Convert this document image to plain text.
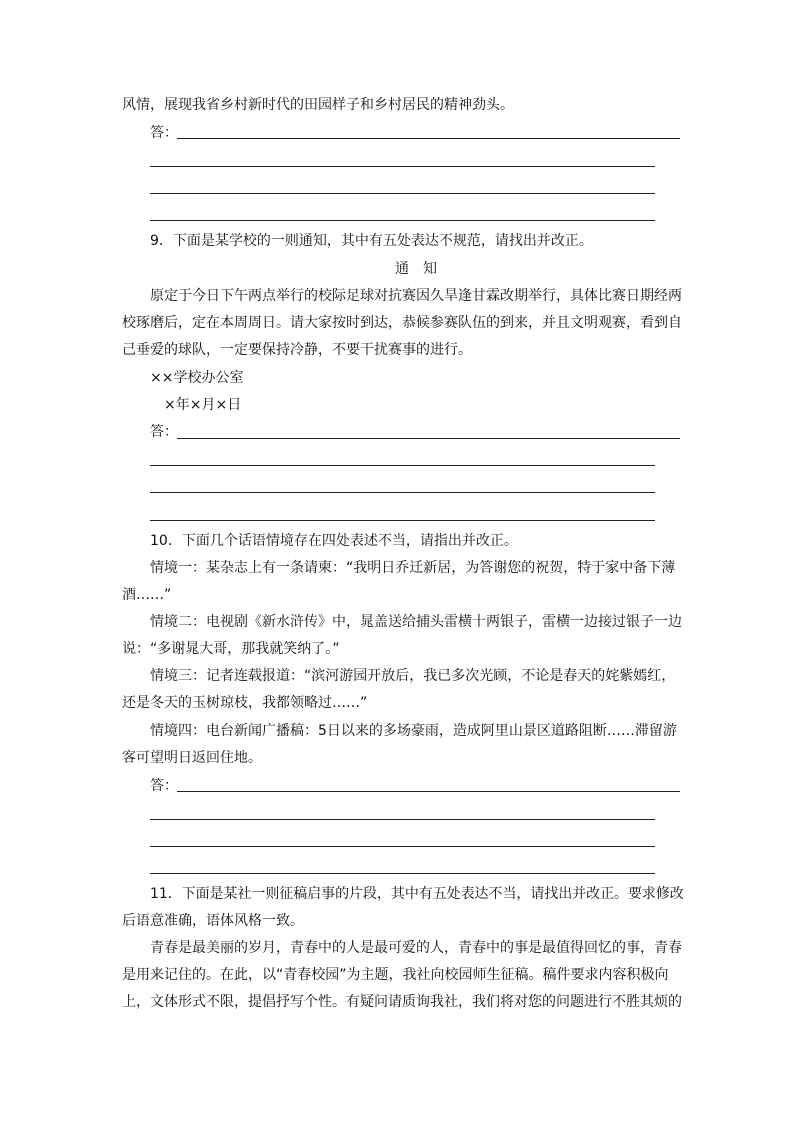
风情，展现我省乡村新时代的田园样子和乡村居民的精神劲头。
答：
9．下面是某学校的一则通知，其中有五处表达不规范，请找出并改正。
通　知
原定于今日下午两点举行的校际足球对抗赛因久旱逢甘霖改期举行，具体比赛日期经两
校琢磨后，定在本周周日。请大家按时到达，恭候参赛队伍的到来，并且文明观赛，看到自
己垂爱的球队，一定要保持冷静，不要干扰赛事的进行。
××学校办公室
×年×月×日
答：
10．下面几个话语情境存在四处表述不当，请指出并改正。
情境一：某杂志上有一条请柬：“我明日乔迁新居，为答谢您的祝贺，特于家中备下薄
酒……”
情境二：电视剧《新水浒传》中，晁盖送给捕头雷横十两银子，雷横一边接过银子一边
说：“多谢晁大哥，那我就笑纳了。”
情境三：记者连载报道：“滨河游园开放后，我已多次光顾，不论是春天的姹紫嫣红，
还是冬天的玉树琼枝，我都领略过……”
情境四：电台新闻广播稿：5日以来的多场豪雨，造成阿里山景区道路阻断……滞留游
客可望明日返回住地。
答：
11．下面是某社一则征稿启事的片段，其中有五处表达不当，请找出并改正。要求修改
后语意准确，语体风格一致。
青春是最美丽的岁月，青春中的人是最可爱的人，青春中的事是最值得回忆的事，青春
是用来记住的。在此，以“青春校园”为主题，我社向校园师生征稿。稿件要求内容积极向
上，文体形式不限，提倡抒写个性。有疑问请质询我社，我们将对您的问题进行不胜其烦的
